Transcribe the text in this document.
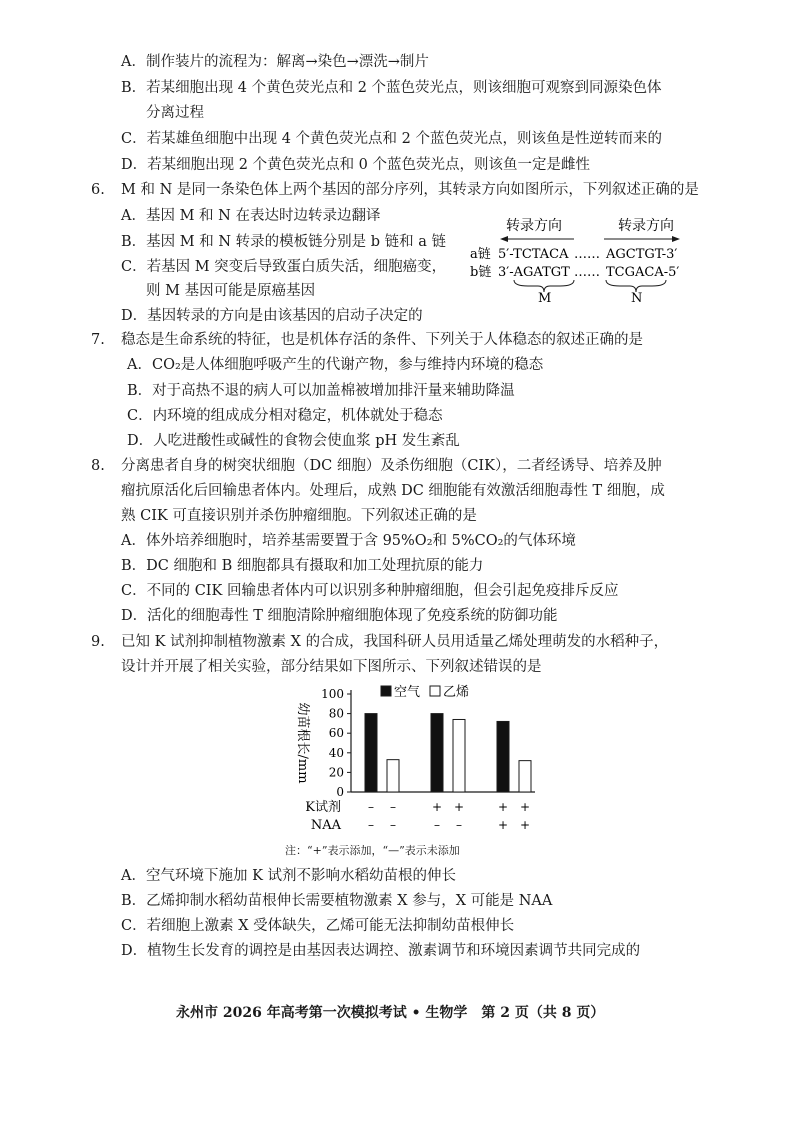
A．制作装片的流程为：解离→染色→漂洗→制片
B．若某细胞出现 4 个黄色荧光点和 2 个蓝色荧光点，则该细胞可观察到同源染色体
分离过程
C．若某雄鱼细胞中出现 4 个黄色荧光点和 2 个蓝色荧光点，则该鱼是性逆转而来的
D．若某细胞出现 2 个黄色荧光点和 0 个蓝色荧光点，则该鱼一定是雌性
6. M 和 N 是同一条染色体上两个基因的部分序列，其转录方向如图所示，下列叙述正确的是
A．基因 M 和 N 在表达时边转录边翻译
B．基因 M 和 N 转录的模板链分别是 b 链和 a 链
C．若基因 M 突变后导致蛋白质失活，细胞癌变，
则 M 基因可能是原癌基因
D．基因转录的方向是由该基因的启动子决定的
转录方向	转录方向
a链 5′-TCTACA …… AGCTGT-3′
b链 3′-AGATGT …… TCGACA-5′
M	N
7. 稳态是生命系统的特征，也是机体存活的条件、下列关于人体稳态的叙述正确的是
A．CO₂是人体细胞呼吸产生的代谢产物，参与维持内环境的稳态
B．对于高热不退的病人可以加盖棉被增加排汗量来辅助降温
C．内环境的组成成分相对稳定，机体就处于稳态
D．人吃进酸性或碱性的食物会使血浆 pH 发生紊乱
8. 分离患者自身的树突状细胞（DC 细胞）及杀伤细胞（CIK），二者经诱导、培养及肿
瘤抗原活化后回输患者体内。处理后，成熟 DC 细胞能有效激活细胞毒性 T 细胞，成
熟 CIK 可直接识别并杀伤肿瘤细胞。下列叙述正确的是
A．体外培养细胞时，培养基需要置于含 95%O₂和 5%CO₂的气体环境
B．DC 细胞和 B 细胞都具有摄取和加工处理抗原的能力
C．不同的 CIK 回输患者体内可以识别多种肿瘤细胞，但会引起免疫排斥反应
D．活化的细胞毒性 T 细胞清除肿瘤细胞体现了免疫系统的防御功能
9. 已知 K 试剂抑制植物激素 X 的合成，我国科研人员用适量乙烯处理萌发的水稻种子，
设计并开展了相关实验，部分结果如下图所示、下列叙述错误的是
0
20
40
60
80
100
幼苗根长/mm
空气 乙烯
– –
– –
+ +
– –
+ +
+ +
K试剂
NAA
注：“+”表示添加，“—”表示未添加
A．空气环境下施加 K 试剂不影响水稻幼苗根的伸长
B．乙烯抑制水稻幼苗根伸长需要植物激素 X 参与，X 可能是 NAA
C．若细胞上激素 X 受体缺失，乙烯可能无法抑制幼苗根伸长
D．植物生长发育的调控是由基因表达调控、激素调节和环境因素调节共同完成的
永州市 2026 年高考第一次模拟考试 • 生物学　第 2 页（共 8 页）
